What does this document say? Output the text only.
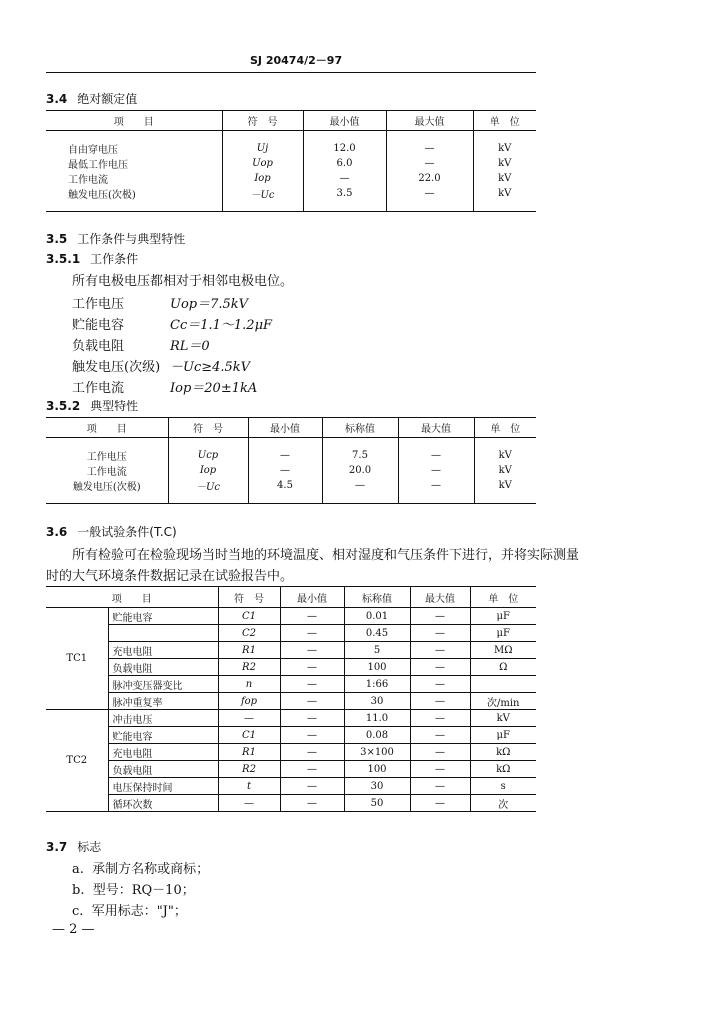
SJ 20474/2－97
3.4 绝对额定值
项　　目	符　号	最小值	最大值	单　位

自由穿电压	Uj	12.0	—	kV
最低工作电压	Uop	6.0	—	kV
工作电流	Iop	—	22.0	kV
触发电压(次极)	－Uc	3.5	—	kV

3.5 工作条件与典型特性
3.5.1 工作条件
所有电极电压都相对于相邻电极电位。
工作电压	Uop＝7.5kV
贮能电容	Cc＝1.1～1.2μF
负载电阻	RL＝0
触发电压(次级) －Uc≥4.5kV
工作电流	Iop＝20±1kA
3.5.2 典型特性
项　　目	符　号	最小值	标称值	最大值	单　位

工作电压	Ucp	—	7.5	—	kV
工作电流	Iop	—	20.0	—	kV
触发电压(次极)	－Uc	4.5	—	—	kV

3.6 一般试验条件(T.C)
所有检验可在检验现场当时当地的环境温度、相对湿度和气压条件下进行，并将实际测量
时的大气环境条件数据记录在试验报告中。
项　　目		符　号	最小值	标称值	最大值	单　位
TC1	贮能电容	C1	—	0.01	—	μF
		C2	—	0.45	—	μF
	充电电阻	R1	—	5	—	MΩ
	负载电阻	R2	—	100	—	Ω
	脉冲变压器变比	n	—	1:66	—	
	脉冲重复率	fop	—	30	—	次/min
TC2	冲击电压	—	—	11.0	—	kV
	贮能电容	C1	—	0.08	—	μF
	充电电阻	R1	—	3×100	—	kΩ
	负载电阻	R2	—	100	—	kΩ
	电压保持时间	t	—	30	—	s
	循环次数	—	—	50	—	次
3.7 标志
a. 承制方名称或商标；
b. 型号：RQ－10；
c. 军用标志："J"；
— 2 —
